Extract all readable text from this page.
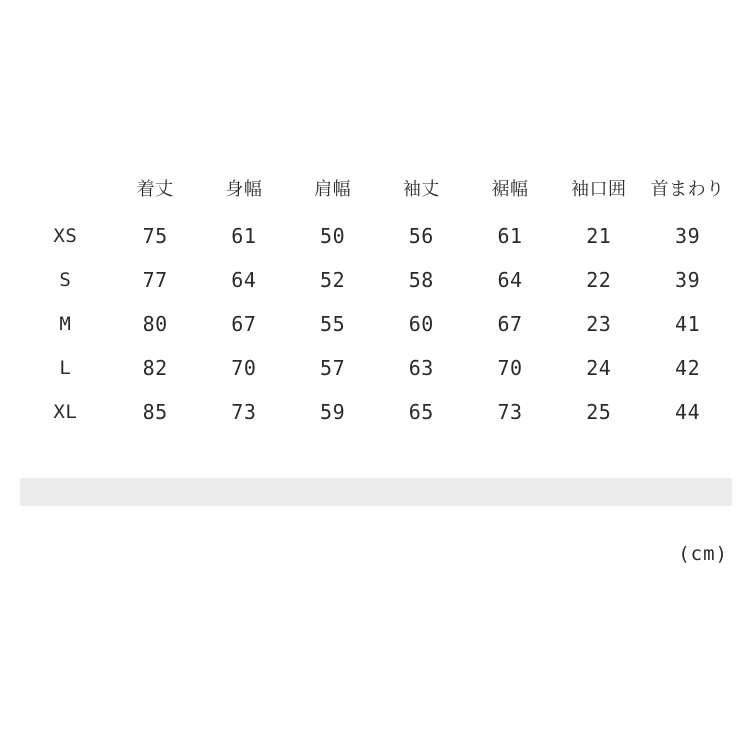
	着丈	身幅	肩幅	袖丈	裾幅	袖口囲	首まわり
XS	75	61	50	56	61	21	39
S	77	64	52	58	64	22	39
M	80	67	55	60	67	23	41
L	82	70	57	63	70	24	42
XL	85	73	59	65	73	25	44
(cm)
